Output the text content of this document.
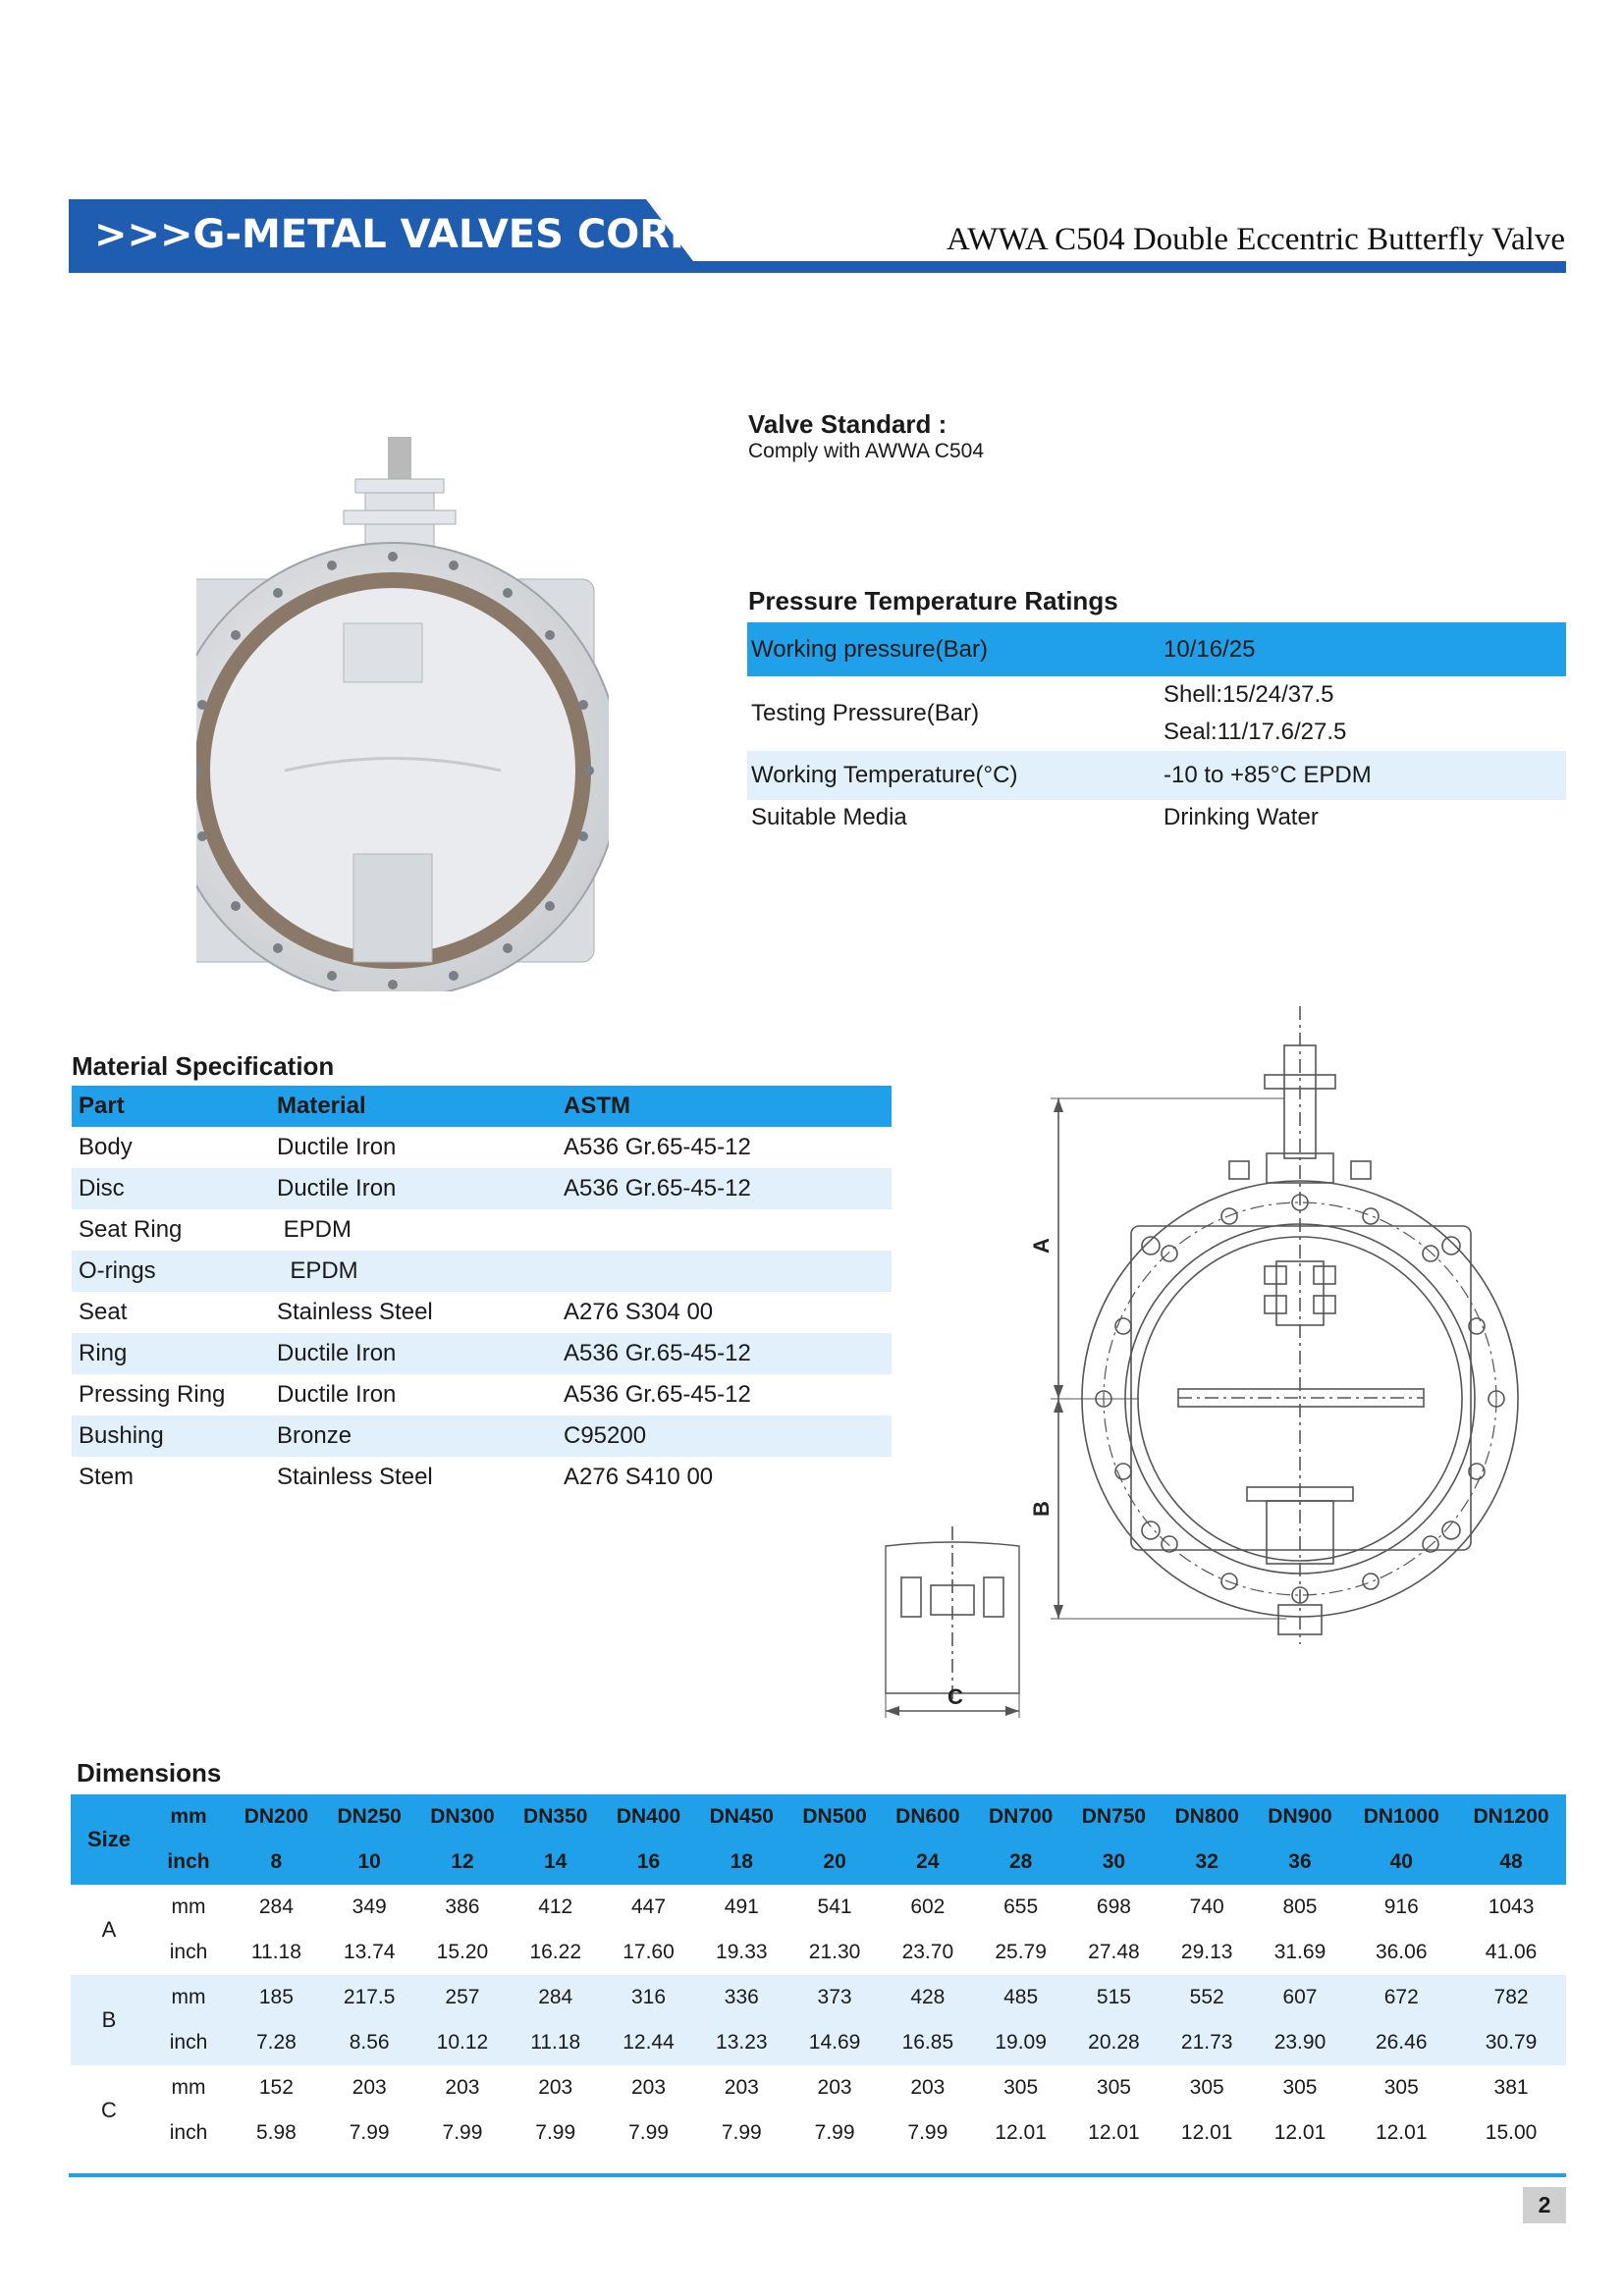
>>>G-METAL VALVES CORP	AWWA C504 Double Eccentric Butterfly Valve
Valve Standard :
Comply with AWWA C504
Pressure Temperature Ratings
Working pressure(Bar)	10/16/25
Testing Pressure(Bar)	Shell:15/24/37.5
Seal:11/17.6/27.5

Working Temperature(°C)	-10 to +85°C EPDM
Suitable Media	Drinking Water
Material Specification
Part	Material	ASTM
Body	Ductile Iron	A536 Gr.65-45-12
Disc	Ductile Iron	A536 Gr.65-45-12
Seat Ring	EPDM	
O-rings	EPDM	
Seat	Stainless Steel	A276 S304 00
Ring	Ductile Iron	A536 Gr.65-45-12
Pressing Ring	Ductile Iron	A536 Gr.65-45-12
Bushing	Bronze	C95200
Stem	Stainless Steel	A276 S410 00
A
B
C
Dimensions
Size	mm	DN200	DN250	DN300	DN350	DN400	DN450	DN500	DN600	DN700	DN750	DN800	DN900	DN1000	DN1200
	inch	8	10	12	14	16	18	20	24	28	30	32	36	40	48
A	mm	284	349	386	412	447	491	541	602	655	698	740	805	916	1043
	inch	11.18	13.74	15.20	16.22	17.60	19.33	21.30	23.70	25.79	27.48	29.13	31.69	36.06	41.06
B	mm	185	217.5	257	284	316	336	373	428	485	515	552	607	672	782
	inch	7.28	8.56	10.12	11.18	12.44	13.23	14.69	16.85	19.09	20.28	21.73	23.90	26.46	30.79
C	mm	152	203	203	203	203	203	203	203	305	305	305	305	305	381
	inch	5.98	7.99	7.99	7.99	7.99	7.99	7.99	7.99	12.01	12.01	12.01	12.01	12.01	15.00
2
